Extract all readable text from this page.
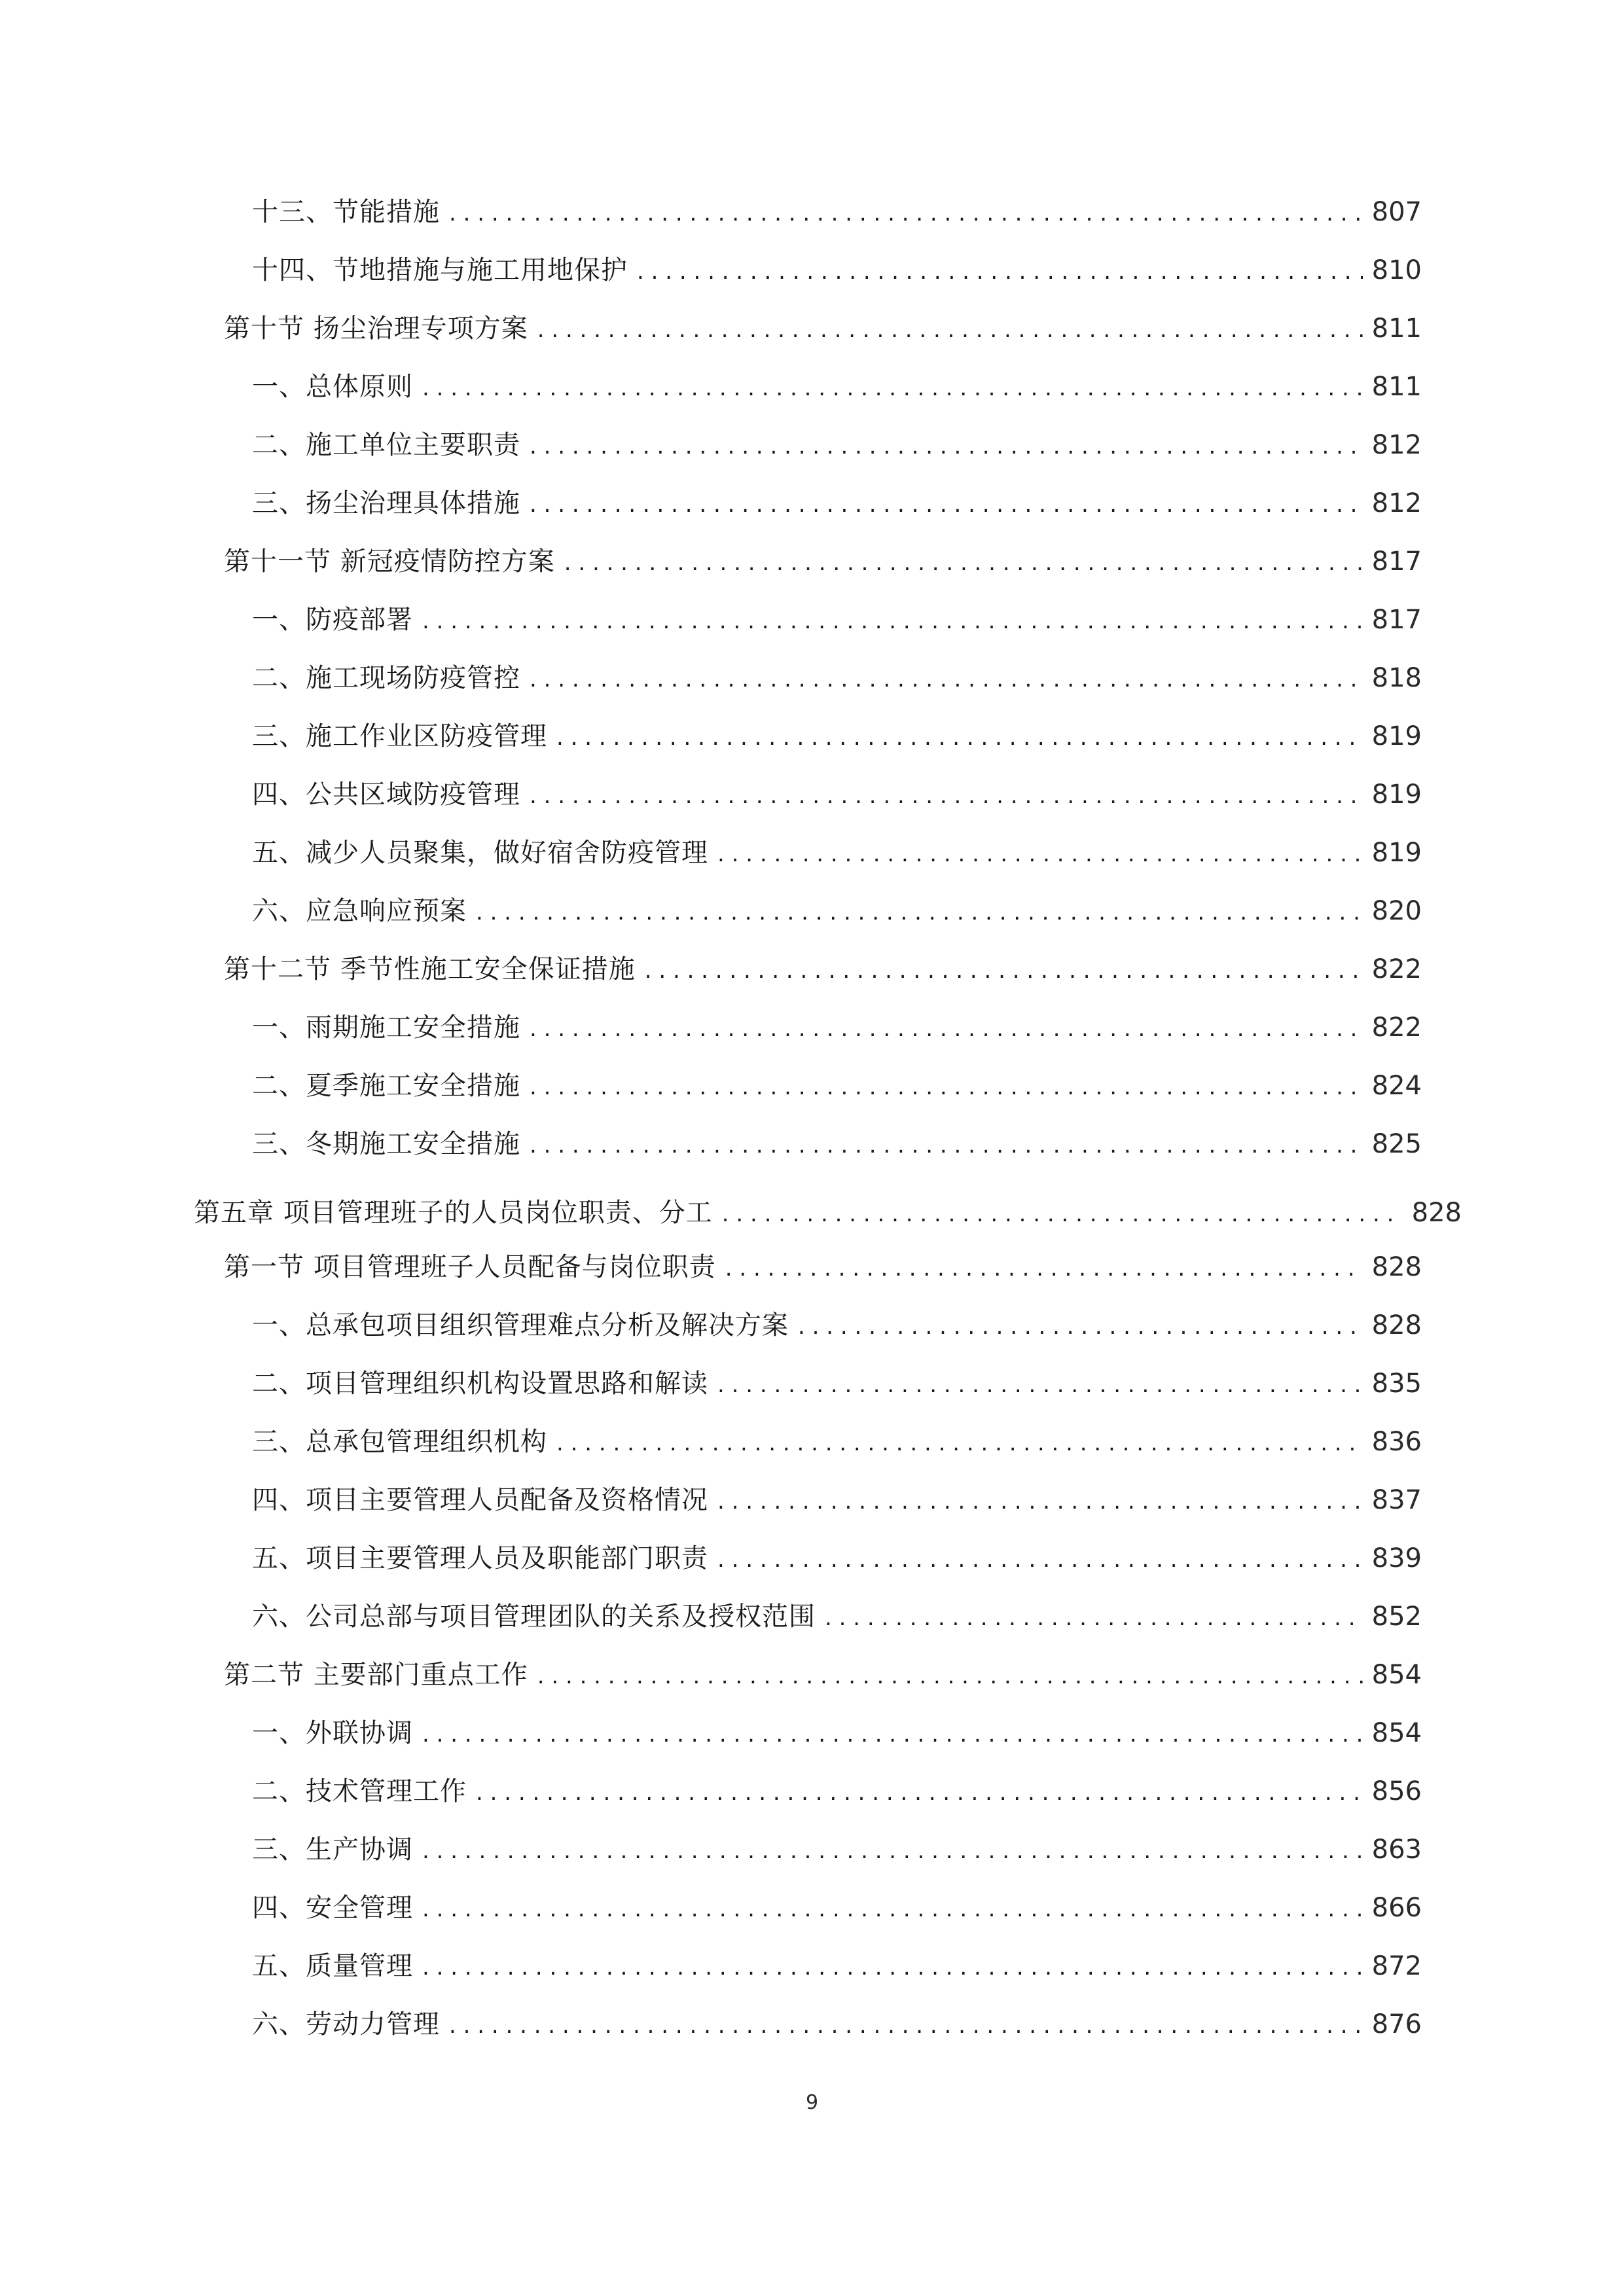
十三、节能措施 . . .	807
十四、节地措施与施工用地保护 . . .	810
第十节 扬尘治理专项方案 . . .	811
一、总体原则 . . .	811
二、施工单位主要职责 . . .	812
三、扬尘治理具体措施 . . .	812
第十一节 新冠疫情防控方案 . . .	817
一、防疫部署 . . .	817
二、施工现场防疫管控 . . .	818
三、施工作业区防疫管理 . . .	819
四、公共区域防疫管理 . . .	819
五、减少人员聚集，做好宿舍防疫管理 . . .	819
六、应急响应预案 . . .	820
第十二节 季节性施工安全保证措施 . . .	822
一、雨期施工安全措施 . . .	822
二、夏季施工安全措施 . . .	824
三、冬期施工安全措施 . . .	825
第五章 项目管理班子的人员岗位职责、分工 . . .	828
第一节 项目管理班子人员配备与岗位职责 . . .	828
一、总承包项目组织管理难点分析及解决方案 . . .	828
二、项目管理组织机构设置思路和解读 . . .	835
三、总承包管理组织机构 . . .	836
四、项目主要管理人员配备及资格情况 . . .	837
五、项目主要管理人员及职能部门职责 . . .	839
六、公司总部与项目管理团队的关系及授权范围 . . .	852
第二节 主要部门重点工作 . . .	854
一、外联协调 . . .	854
二、技术管理工作 . . .	856
三、生产协调 . . .	863
四、安全管理 . . .	866
五、质量管理 . . .	872
六、劳动力管理 . . .	876
9
